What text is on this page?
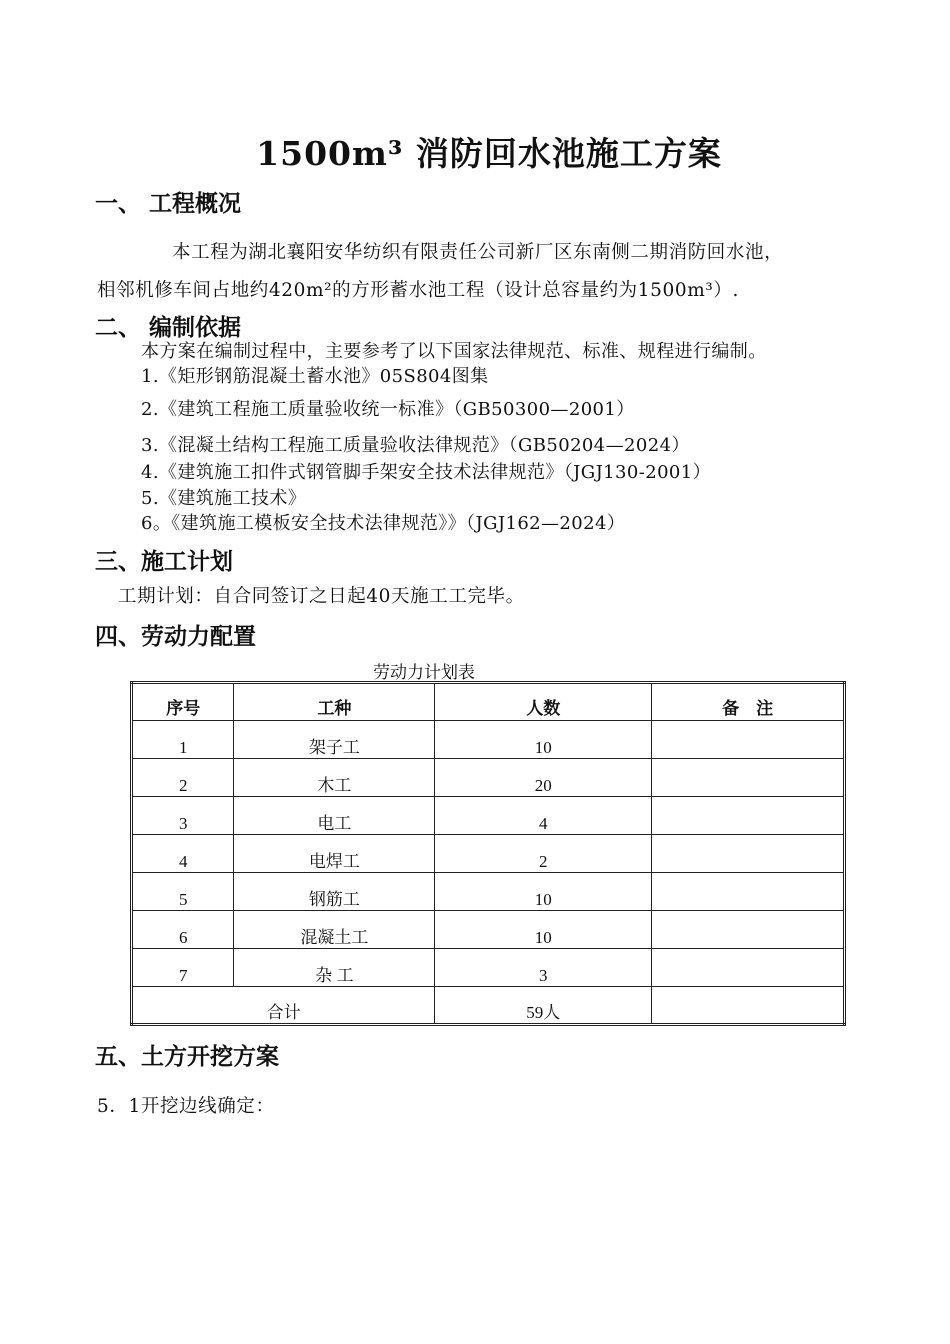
1500m³ 消防回水池施工方案
一、 工程概况
本工程为湖北襄阳安华纺织有限责任公司新厂区东南侧二期消防回水池，
相邻机修车间占地约420m²的方形蓄水池工程（设计总容量约为1500m³）.
二、 编制依据
本方案在编制过程中，主要参考了以下国家法律规范、标准、规程进行编制。
1.《矩形钢筋混凝土蓄水池》05S804图集
2.《建筑工程施工质量验收统一标准》（GB50300—2001）
3.《混凝土结构工程施工质量验收法律规范》（GB50204—2024）
4.《建筑施工扣件式钢管脚手架安全技术法律规范》（JGJ130-2001）
5.《建筑施工技术》
6。《建筑施工模板安全技术法律规范》》（JGJ162—2024）
三、施工计划
工期计划：自合同签订之日起40天施工工完毕。
四、劳动力配置
劳动力计划表
序号	工种	人数	备　注
1	架子工	10	
2	木工	20	
3	电工	4	
4	电焊工	2	
5	钢筋工	10	
6	混凝土工	10	
7	杂 工	3	
合计		59人	
五、土方开挖方案
5．1开挖边线确定：
